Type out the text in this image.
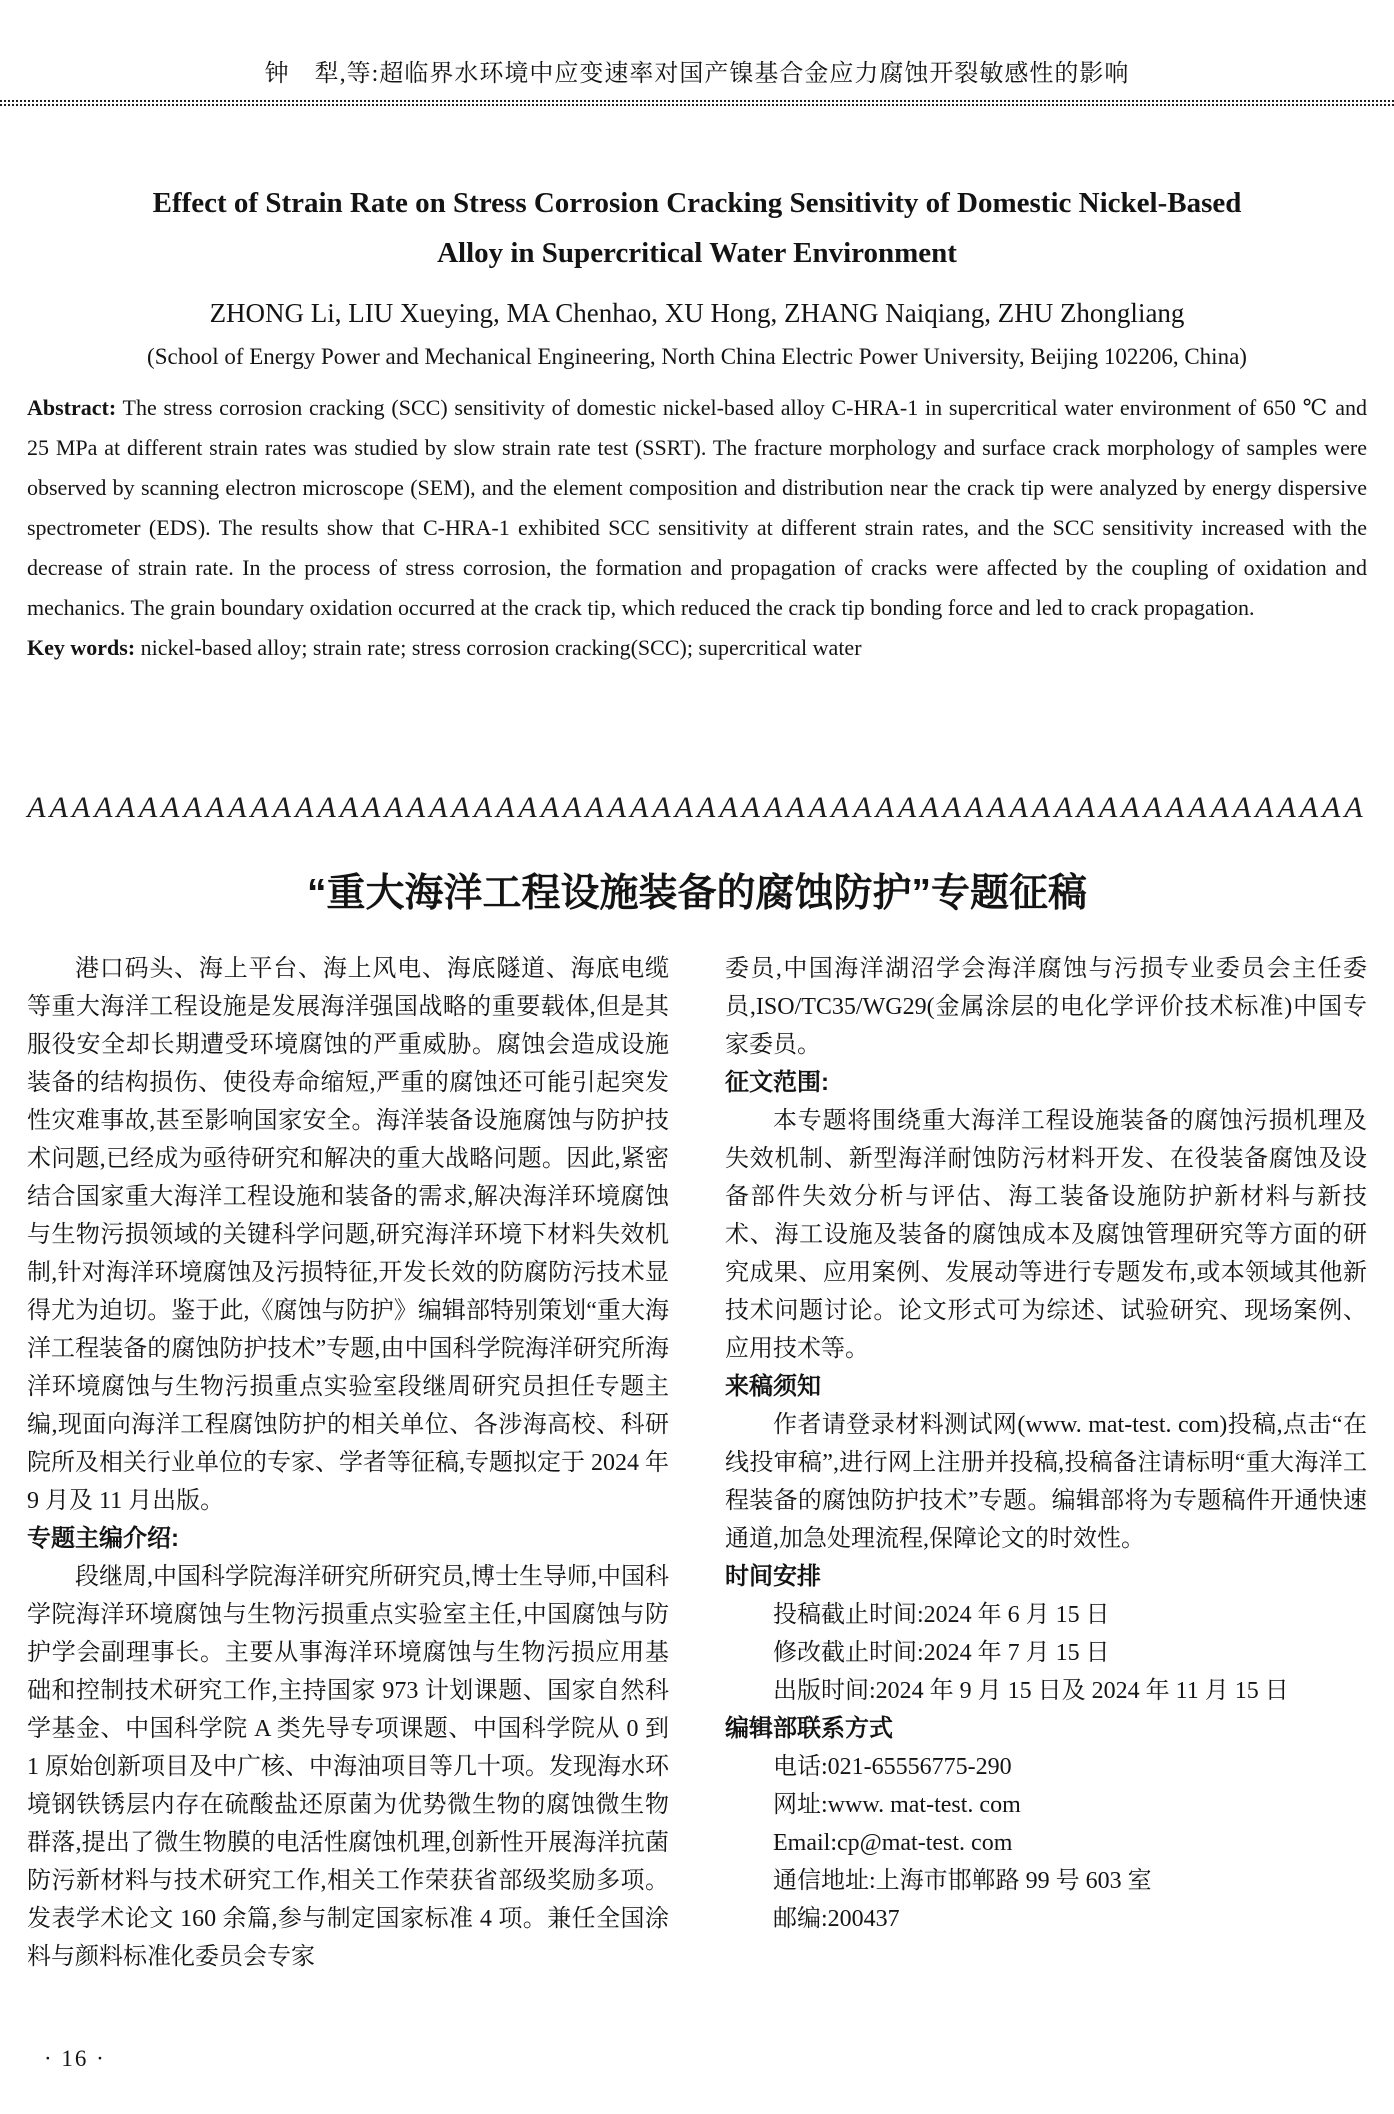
钟　犁,等:超临界水环境中应变速率对国产镍基合金应力腐蚀开裂敏感性的影响
Effect of Strain Rate on Stress Corrosion Cracking Sensitivity of Domestic Nickel-Based
Alloy in Supercritical Water Environment
ZHONG Li, LIU Xueying, MA Chenhao, XU Hong, ZHANG Naiqiang, ZHU Zhongliang
(School of Energy Power and Mechanical Engineering, North China Electric Power University, Beijing 102206, China)

Abstract: The stress corrosion cracking (SCC) sensitivity of domestic nickel-based alloy C-HRA-1 in supercritical water environment of 650 ℃ and 25 MPa at different strain rates was studied by slow strain rate test (SSRT). The fracture morphology and surface crack morphology of samples were observed by scanning electron microscope (SEM), and the element composition and distribution near the crack tip were analyzed by energy dispersive spectrometer (EDS). The results show that C-HRA-1 exhibited SCC sensitivity at different strain rates, and the SCC sensitivity increased with the decrease of strain rate. In the process of stress corrosion, the formation and propagation of cracks were affected by the coupling of oxidation and mechanics. The grain boundary oxidation occurred at the crack tip, which reduced the crack tip bonding force and led to crack propagation.

Key words: nickel-based alloy; strain rate; stress corrosion cracking(SCC); supercritical water

AAAAAAAAAAAAAAAAAAAAAAAAAAAAAAAAAAAAAAAAAAAAAAAAAAAAAAAAAAAA
“重大海洋工程设施装备的腐蚀防护”专题征稿
港口码头、海上平台、海上风电、海底隧道、海底电缆等重大海洋工程设施是发展海洋强国战略的重要载体,但是其服役安全却长期遭受环境腐蚀的严重威胁。腐蚀会造成设施装备的结构损伤、使役寿命缩短,严重的腐蚀还可能引起突发性灾难事故,甚至影响国家安全。海洋装备设施腐蚀与防护技术问题,已经成为亟待研究和解决的重大战略问题。因此,紧密结合国家重大海洋工程设施和装备的需求,解决海洋环境腐蚀与生物污损领域的关键科学问题,研究海洋环境下材料失效机制,针对海洋环境腐蚀及污损特征,开发长效的防腐防污技术显得尤为迫切。鉴于此,《腐蚀与防护》编辑部特别策划“重大海洋工程装备的腐蚀防护技术”专题,由中国科学院海洋研究所海洋环境腐蚀与生物污损重点实验室段继周研究员担任专题主编,现面向海洋工程腐蚀防护的相关单位、各涉海高校、科研院所及相关行业单位的专家、学者等征稿,专题拟定于 2024 年 9 月及 11 月出版。
专题主编介绍:
段继周,中国科学院海洋研究所研究员,博士生导师,中国科学院海洋环境腐蚀与生物污损重点实验室主任,中国腐蚀与防护学会副理事长。主要从事海洋环境腐蚀与生物污损应用基础和控制技术研究工作,主持国家 973 计划课题、国家自然科学基金、中国科学院 A 类先导专项课题、中国科学院从 0 到 1 原始创新项目及中广核、中海油项目等几十项。发现海水环境钢铁锈层内存在硫酸盐还原菌为优势微生物的腐蚀微生物群落,提出了微生物膜的电活性腐蚀机理,创新性开展海洋抗菌防污新材料与技术研究工作,相关工作荣获省部级奖励多项。发表学术论文 160 余篇,参与制定国家标准 4 项。兼任全国涂料与颜料标准化委员会专家
委员,中国海洋湖沼学会海洋腐蚀与污损专业委员会主任委员,ISO/TC35/WG29(金属涂层的电化学评价技术标准)中国专家委员。
征文范围:
本专题将围绕重大海洋工程设施装备的腐蚀污损机理及失效机制、新型海洋耐蚀防污材料开发、在役装备腐蚀及设备部件失效分析与评估、海工装备设施防护新材料与新技术、海工设施及装备的腐蚀成本及腐蚀管理研究等方面的研究成果、应用案例、发展动等进行专题发布,或本领域其他新技术问题讨论。论文形式可为综述、试验研究、现场案例、应用技术等。
来稿须知
作者请登录材料测试网(www. mat-test. com)投稿,点击“在线投审稿”,进行网上注册并投稿,投稿备注请标明“重大海洋工程装备的腐蚀防护技术”专题。编辑部将为专题稿件开通快速通道,加急处理流程,保障论文的时效性。
时间安排
投稿截止时间:2024 年 6 月 15 日
修改截止时间:2024 年 7 月 15 日
出版时间:2024 年 9 月 15 日及 2024 年 11 月 15 日
编辑部联系方式
电话:021-65556775-290
网址:www. mat-test. com
Email:cp@mat-test. com
通信地址:上海市邯郸路 99 号 603 室
邮编:200437
· 16 ·
